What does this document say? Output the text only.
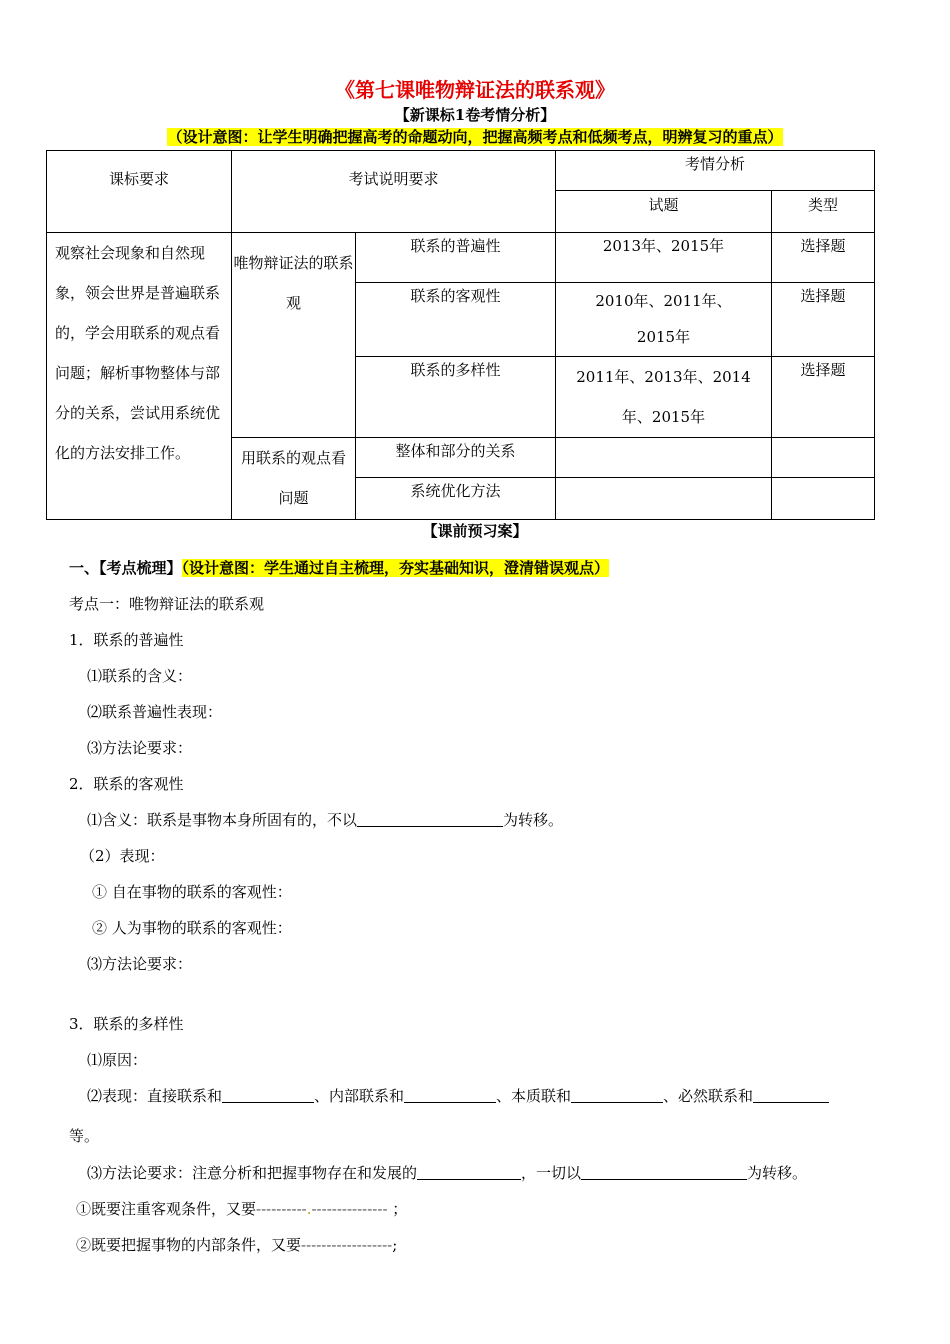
《第七课唯物辩证法的联系观》
【新课标1卷考情分析】
（设计意图：让学生明确把握高考的命题动向，把握高频考点和低频考点，明辨复习的重点）
课标要求	考试说明要求		考情分析	
			试题	类型
观察社会现象和自然现象，领会世界是普遍联系的，学会用联系的观点看问题；解析事物整体与部分的关系，尝试用系统优化的方法安排工作。	唯物辩证法的联系观	联系的普遍性	2013年、2015年	选择题
		联系的客观性	2010年、2011年、2015年	选择题
		联系的多样性	2011年、2013年、2014年、2015年	选择题
	用联系的观点看问题	整体和部分的关系		
		系统优化方法		
【课前预习案】
一、【考点梳理】（设计意图：学生通过自主梳理，夯实基础知识，澄清错误观点）
考点一：唯物辩证法的联系观
1．联系的普遍性
⑴联系的含义：
⑵联系普遍性表现：
⑶方法论要求：
2．联系的客观性
⑴含义：联系是事物本身所固有的，不以	为转移。
（2）表现：
① 自在事物的联系的客观性：
② 人为事物的联系的客观性：
⑶方法论要求：
3．联系的多样性
⑴原因：
⑵表现：直接联系和	、内部联系和	、本质联和	、必然联系和
等。
⑶方法论要求：注意分析和把握事物存在和发展的	，一切以	为转移。
①既要注重客观条件，又要----------.--------------- ；
②既要把握事物的内部条件，又要------------------;
